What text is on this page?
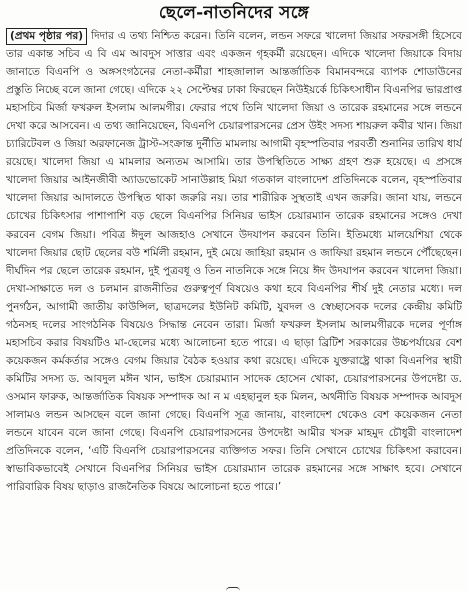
ছেলে-নাতনিদের সঙ্গে
(প্রথম পৃষ্ঠার পর) দিদার এ তথ্য নিশ্চিত করেন। তিনি বলেন, লন্ডন সফরে খালেদা জিয়ার সফরসঙ্গী হিসেবে তার একান্ত সচিব এ বি এম আবদুস সাত্তার এবং একজন গৃহকর্মী রয়েছেন। এদিকে খালেদা জিয়াকে বিদায় জানাতে বিএনপি ও অঙ্গসংগঠনের নেতা-কর্মীরা শাহজালাল আন্তর্জাতিক বিমানবন্দরে ব্যাপক শোডাউনের প্রস্তুতি নিচ্ছে বলে জানা গেছে। এদিকে ২২ সেপ্টেম্বর ঢাকা ফিরছেন নিউইয়র্কে চিকিৎসাধীন বিএনপির ভারপ্রাপ্ত মহাসচিব মির্জা ফখরুল ইসলাম আলমগীর। ফেরার পথে তিনি খালেদা জিয়া ও তারেক রহমানের সঙ্গে লন্ডনে দেখা করে আসবেন। এ তথ্য জানিয়েছেন, বিএনপি চেয়ারপারসনের প্রেস উইং সদস্য শায়রুল কবীর খান। জিয়া চ্যারিটেবল ও জিয়া অরফানেজ ট্রাস্ট-সংক্রান্ত দুর্নীতি মামলায় আগামী বৃহস্পতিবার পরবর্তী শুনানির তারিখ ধার্য রয়েছে। খালেদা জিয়া এ মামলার অন্যতম আসামি। তার উপস্থিতিতে সাক্ষ্য গ্রহণ শুরু হয়েছে। এ প্রসঙ্গে খালেদা জিয়ার আইনজীবী অ্যাডভোকেট সানাউল্লাহ মিয়া গতকাল বাংলাদেশ প্রতিদিনকে বলেন, বৃহস্পতিবার খালেদা জিয়ার আদালতে উপস্থিত থাকা জরুরি নয়। তার শারীরিক সুস্থতাই এখন জরুরি। জানা যায়, লন্ডনে চোখের চিকিৎসার পাশাপাশি বড় ছেলে বিএনপির সিনিয়র ভাইস চেয়ারম্যান তারেক রহমানের সঙ্গেও দেখা করবেন বেগম জিয়া। পবিত্র ঈদুল আজহাও সেখানে উদযাপন করবেন তিনি। ইতিমধ্যে মালয়েশিয়া থেকে খালেদা জিয়ার ছোট ছেলের বউ শর্মিলী রহমান, দুই মেয়ে জাহিয়া রহমান ও জাফিয়া রহমান লন্ডনে পৌঁছেছেন। দীর্ঘদিন পর ছেলে তারেক রহমান, দুই পুত্রবধূ ও তিন নাতনিকে সঙ্গে নিয়ে ঈদ উদযাপন করবেন খালেদা জিয়া। দেখা-সাক্ষাতে দল ও চলমান রাজনীতির গুরুত্বপূর্ণ বিষয়েও কথা হবে বিএনপির শীর্ষ দুই নেতার মধ্যে। দল পুনর্গঠন, আগামী জাতীয় কাউন্সিল, ছাত্রদলের ইউনিট কমিটি, যুবদল ও স্বেচ্ছাসেবক দলের কেন্দ্রীয় কমিটি গঠনসহ দলের সাংগঠনিক বিষয়েও সিদ্ধান্ত নেবেন তারা। মির্জা ফখরুল ইসলাম আলমগীরকে দলের পূর্ণাঙ্গ মহাসচিব করার বিষয়টিও মা-ছেলের মধ্যে আলোচনা হতে পারে। এ ছাড়া ব্রিটিশ সরকারের উচ্চপর্যায়ের বেশ কয়েকজন কর্মকর্তার সঙ্গেও বেগম জিয়ার বৈঠক হওয়ার কথা রয়েছে। এদিকে যুক্তরাষ্ট্রে থাকা বিএনপির স্থায়ী কমিটির সদস্য ড. আবদুল মঈন খান, ভাইস চেয়ারম্যান সাদেক হোসেন খোকা, চেয়ারপারসনের উপদেষ্টা ড. ওসমান ফারুক, আন্তর্জাতিক বিষয়ক সম্পাদক আ ন ম এহছানুল হক মিলন, অর্থনীতি বিষয়ক সম্পাদক আবদুস সালামও লন্ডন আসছেন বলে জানা গেছে। বিএনপি সূত্র জানায়, বাংলাদেশ থেকেও বেশ কয়েকজন নেতা লন্ডনে যাবেন বলে জানা গেছে। বিএনপি চেয়ারপারসনের উপদেষ্টা আমীর খসরু মাহমুদ চৌধুরী বাংলাদেশ প্রতিদিনকে বলেন, ‘এটি বিএনপি চেয়ারপারসনের ব্যক্তিগত সফর। তিনি সেখানে চোখের চিকিৎসা করাবেন। স্বাভাবিকভাবেই সেখানে বিএনপির সিনিয়র ভাইস চেয়ারম্যান তারেক রহমানের সঙ্গে সাক্ষাৎ হবে। সেখানে পারিবারিক বিষয় ছাড়াও রাজনৈতিক বিষয়ে আলোচনা হতে পারে।’
